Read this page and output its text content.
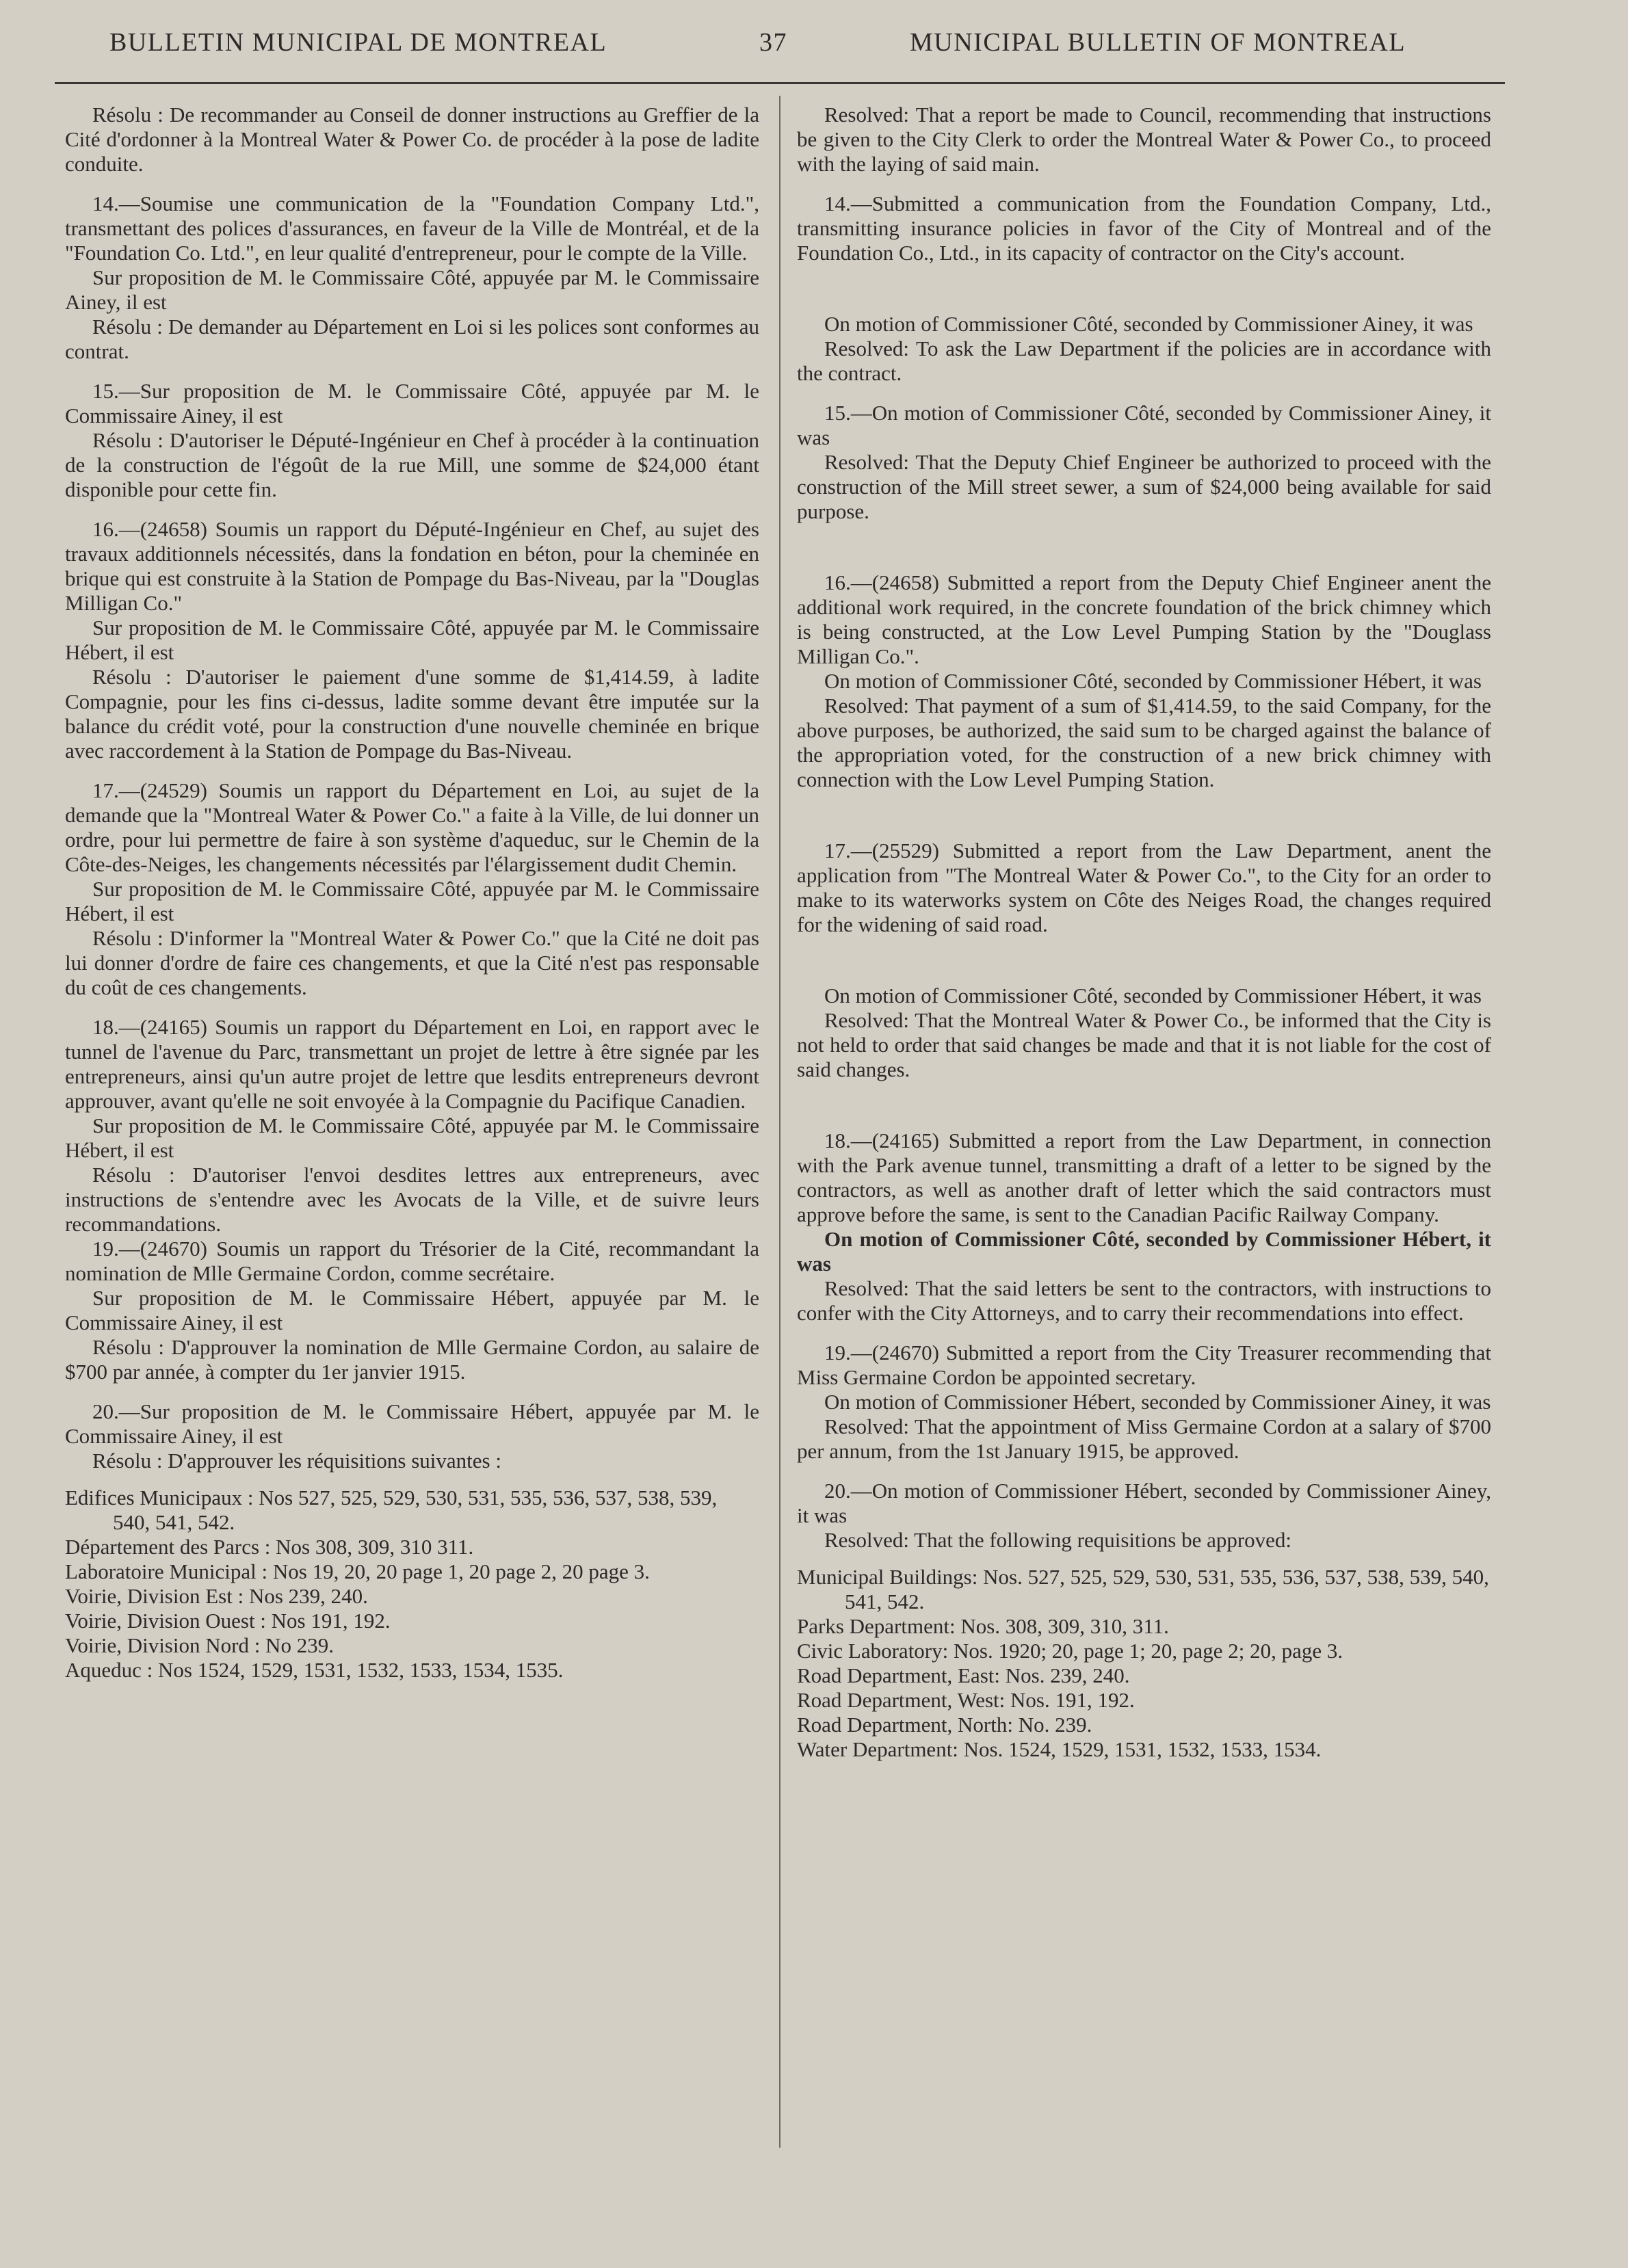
BULLETIN MUNICIPAL DE MONTREAL	37	MUNICIPAL BULLETIN OF MONTREAL

Résolu : De recommander au Conseil de donner instructions au Greffier de la Cité d'ordonner à la Montreal Water & Power Co. de procéder à la pose de ladite conduite.

14.—Soumise une communication de la "Foundation Company Ltd.", transmettant des polices d'assurances, en faveur de la Ville de Montréal, et de la "Foundation Co. Ltd.", en leur qualité d'entrepreneur, pour le compte de la Ville.

Sur proposition de M. le Commissaire Côté, appuyée par M. le Commissaire Ainey, il est

Résolu : De demander au Département en Loi si les polices sont conformes au contrat.

15.—Sur proposition de M. le Commissaire Côté, appuyée par M. le Commissaire Ainey, il est

Résolu : D'autoriser le Député-Ingénieur en Chef à procéder à la continuation de la construction de l'égoût de la rue Mill, une somme de $24,000 étant disponible pour cette fin.

16.—(24658) Soumis un rapport du Député-Ingénieur en Chef, au sujet des travaux additionnels nécessités, dans la fondation en béton, pour la cheminée en brique qui est construite à la Station de Pompage du Bas-Niveau, par la "Douglas Milligan Co."

Sur proposition de M. le Commissaire Côté, appuyée par M. le Commissaire Hébert, il est

Résolu : D'autoriser le paiement d'une somme de $1,414.59, à ladite Compagnie, pour les fins ci-dessus, ladite somme devant être imputée sur la balance du crédit voté, pour la construction d'une nouvelle cheminée en brique avec raccordement à la Station de Pompage du Bas-Niveau.

17.—(24529) Soumis un rapport du Département en Loi, au sujet de la demande que la "Montreal Water & Power Co." a faite à la Ville, de lui donner un ordre, pour lui permettre de faire à son système d'aqueduc, sur le Chemin de la Côte-des-Neiges, les changements nécessités par l'élargissement dudit Chemin.

Sur proposition de M. le Commissaire Côté, appuyée par M. le Commissaire Hébert, il est

Résolu : D'informer la "Montreal Water & Power Co." que la Cité ne doit pas lui donner d'ordre de faire ces changements, et que la Cité n'est pas responsable du coût de ces changements.

18.—(24165) Soumis un rapport du Département en Loi, en rapport avec le tunnel de l'avenue du Parc, transmettant un projet de lettre à être signée par les entrepreneurs, ainsi qu'un autre projet de lettre que lesdits entrepreneurs devront approuver, avant qu'elle ne soit envoyée à la Compagnie du Pacifique Canadien.

Sur proposition de M. le Commissaire Côté, appuyée par M. le Commissaire Hébert, il est

Résolu : D'autoriser l'envoi desdites lettres aux entrepreneurs, avec instructions de s'entendre avec les Avocats de la Ville, et de suivre leurs recommandations.

19.—(24670) Soumis un rapport du Trésorier de la Cité, recommandant la nomination de Mlle Germaine Cordon, comme secrétaire.

Sur proposition de M. le Commissaire Hébert, appuyée par M. le Commissaire Ainey, il est

Résolu : D'approuver la nomination de Mlle Germaine Cordon, au salaire de $700 par année, à compter du 1er janvier 1915.

20.—Sur proposition de M. le Commissaire Hébert, appuyée par M. le Commissaire Ainey, il est

Résolu : D'approuver les réquisitions suivantes :

Edifices Municipaux : Nos 527, 525, 529, 530, 531, 535, 536, 537, 538, 539, 540, 541, 542.

Département des Parcs : Nos 308, 309, 310 311.

Laboratoire Municipal : Nos 19, 20, 20 page 1, 20 page 2, 20 page 3.

Voirie, Division Est : Nos 239, 240.

Voirie, Division Ouest : Nos 191, 192.

Voirie, Division Nord : No 239.

Aqueduc : Nos 1524, 1529, 1531, 1532, 1533, 1534, 1535.

Resolved: That a report be made to Council, recommending that instructions be given to the City Clerk to order the Montreal Water & Power Co., to proceed with the laying of said main.

14.—Submitted a communication from the Foundation Company, Ltd., transmitting insurance policies in favor of the City of Montreal and of the Foundation Co., Ltd., in its capacity of contractor on the City's account.

On motion of Commissioner Côté, seconded by Commissioner Ainey, it was

Resolved: To ask the Law Department if the policies are in accordance with the contract.

15.—On motion of Commissioner Côté, seconded by Commissioner Ainey, it was

Resolved: That the Deputy Chief Engineer be authorized to proceed with the construction of the Mill street sewer, a sum of $24,000 being available for said purpose.

16.—(24658) Submitted a report from the Deputy Chief Engineer anent the additional work required, in the concrete foundation of the brick chimney which is being constructed, at the Low Level Pumping Station by the "Douglass Milligan Co.".

On motion of Commissioner Côté, seconded by Commissioner Hébert, it was

Resolved: That payment of a sum of $1,414.59, to the said Company, for the above purposes, be authorized, the said sum to be charged against the balance of the appropriation voted, for the construction of a new brick chimney with connection with the Low Level Pumping Station.

17.—(25529) Submitted a report from the Law Department, anent the application from "The Montreal Water & Power Co.", to the City for an order to make to its waterworks system on Côte des Neiges Road, the changes required for the widening of said road.

On motion of Commissioner Côté, seconded by Commissioner Hébert, it was

Resolved: That the Montreal Water & Power Co., be informed that the City is not held to order that said changes be made and that it is not liable for the cost of said changes.

18.—(24165) Submitted a report from the Law Department, in connection with the Park avenue tunnel, transmitting a draft of a letter to be signed by the contractors, as well as another draft of letter which the said contractors must approve before the same, is sent to the Canadian Pacific Railway Company.

On motion of Commissioner Côté, seconded by Commissioner Hébert, it was

Resolved: That the said letters be sent to the contractors, with instructions to confer with the City Attorneys, and to carry their recommendations into effect.

19.—(24670) Submitted a report from the City Treasurer recommending that Miss Germaine Cordon be appointed secretary.

On motion of Commissioner Hébert, seconded by Commissioner Ainey, it was

Resolved: That the appointment of Miss Germaine Cordon at a salary of $700 per annum, from the 1st January 1915, be approved.

20.—On motion of Commissioner Hébert, seconded by Commissioner Ainey, it was

Resolved: That the following requisitions be approved:

Municipal Buildings: Nos. 527, 525, 529, 530, 531, 535, 536, 537, 538, 539, 540, 541, 542.

Parks Department: Nos. 308, 309, 310, 311.

Civic Laboratory: Nos. 1920; 20, page 1; 20, page 2; 20, page 3.

Road Department, East: Nos. 239, 240.

Road Department, West: Nos. 191, 192.

Road Department, North: No. 239.

Water Department: Nos. 1524, 1529, 1531, 1532, 1533, 1534.
